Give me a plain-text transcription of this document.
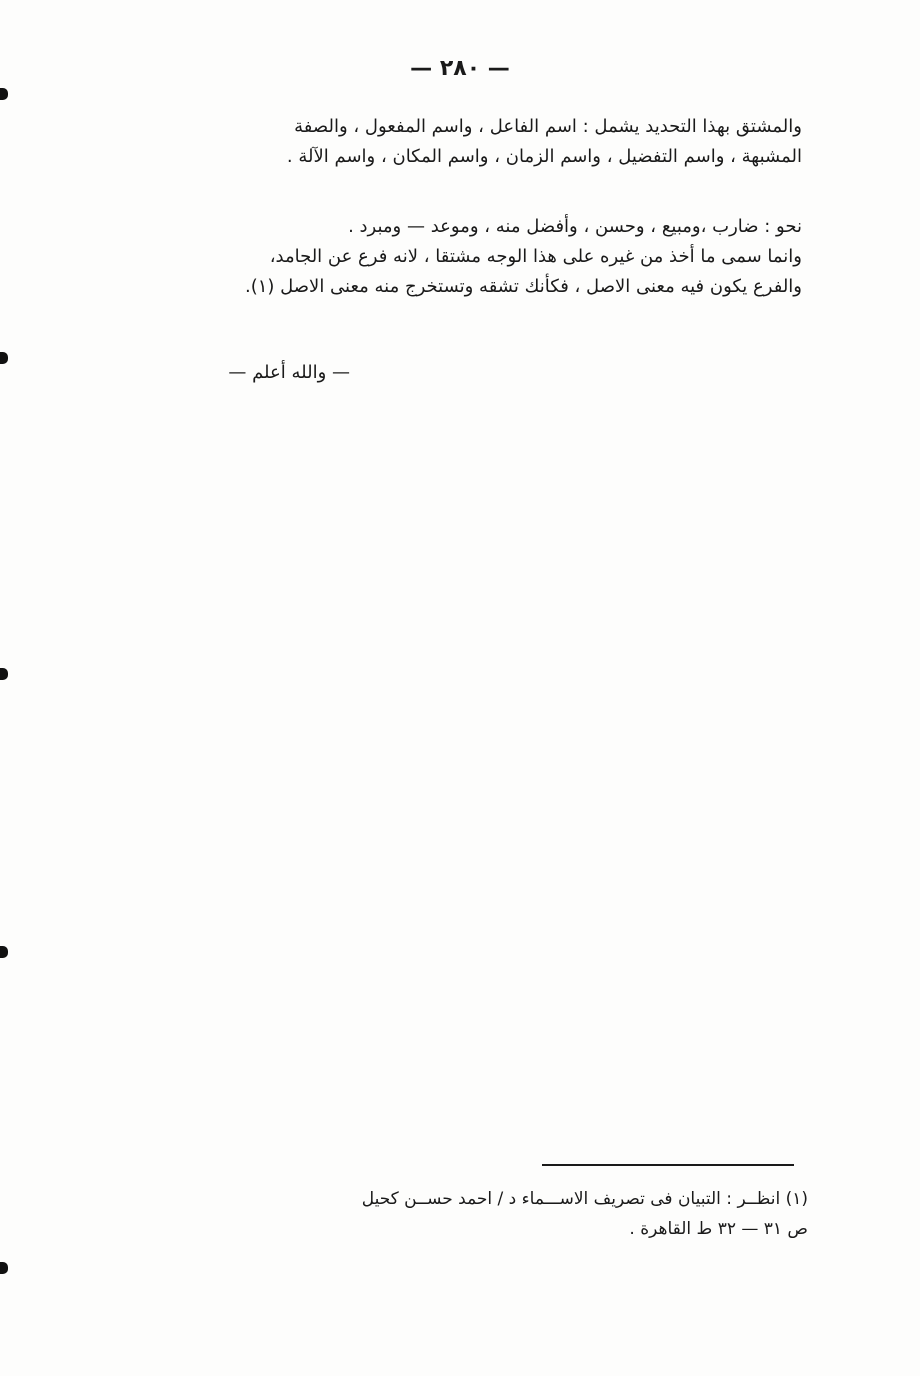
— ٢٨٠ —
والمشتق بهذا التحديد يشمل : اسم الفاعل ، واسم المفعول ، والصفة
المشبهة ، واسم التفضيل ، واسم الزمان ، واسم المكان ، واسم الآلة .
نحو : ضارب ،ومبيع ، وحسن ، وأفضل منه ، وموعد — ومبرد .
وانما سمى ما أخذ من غيره على هذا الوجه مشتقا ، لانه فرع عن الجامد،
والفرع يكون فيه معنى الاصل ، فكأنك تشقه وتستخرج منه معنى الاصل (١).
— والله أعلم —
(١) انظــر : التبيان فى تصريف الاســـماء د / احمد حســن كحيل
ص ٣١ — ٣٢ ط القاهرة .
